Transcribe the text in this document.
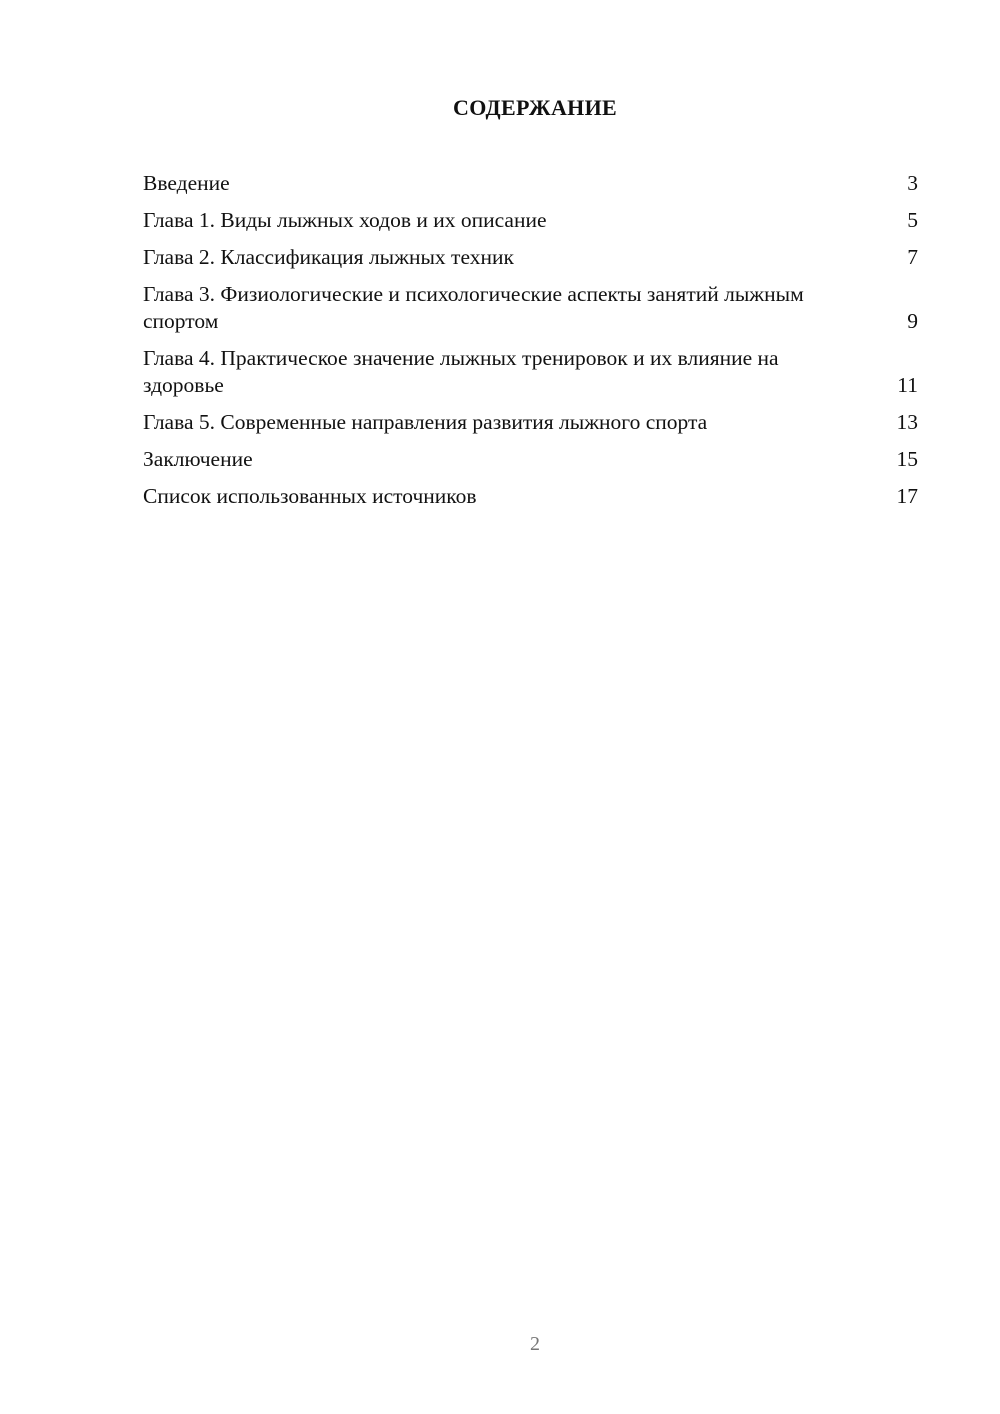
СОДЕРЖАНИЕ
Введение	3
Глава 1. Виды лыжных ходов и их описание	5
Глава 2. Классификация лыжных техник	7
Глава 3. Физиологические и психологические аспекты занятий лыжным спортом	9
Глава 4. Практическое значение лыжных тренировок и их влияние на здоровье	11
Глава 5. Современные направления развития лыжного спорта	13
Заключение	15
Список использованных источников	17
2
